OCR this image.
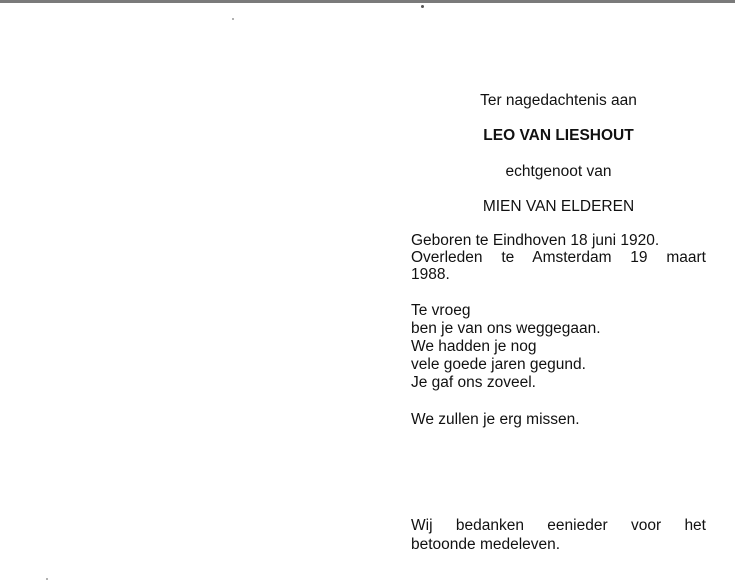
Ter nagedachtenis aan

LEO VAN LIESHOUT

echtgenoot van

MIEN VAN ELDEREN

Geboren te Eindhoven 18 juni 1920.
Overleden te Amsterdam 19 maart
1988.
Te vroeg
ben je van ons weggegaan.
We hadden je nog
vele goede jaren gegund.
Je gaf ons zoveel.

We zullen je erg missen.

Wij bedanken eenieder voor het
betoonde medeleven.
